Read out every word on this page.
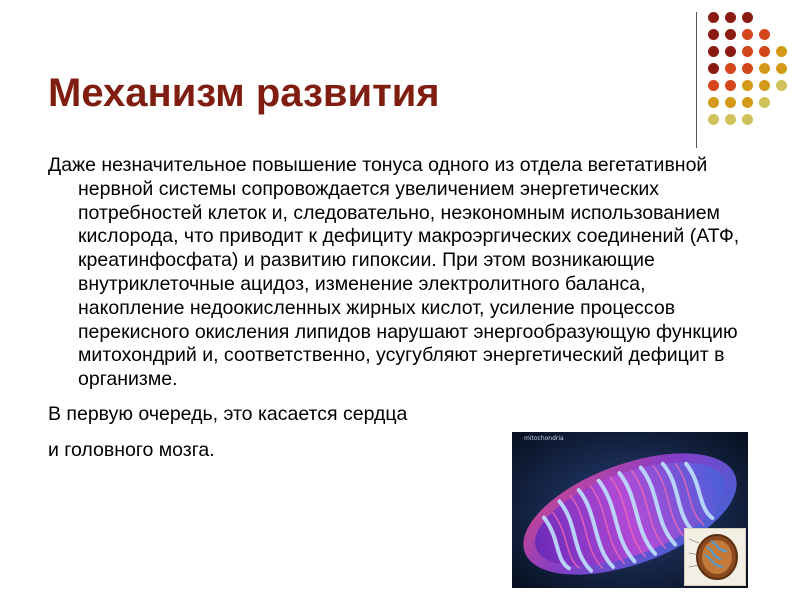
Механизм развития

Даже незначительное повышение тонуса одного из отдела вегетативной нервной системы сопровождается увеличением энергетических потребностей клеток и, следовательно, неэкономным использованием кислорода, что приводит к дефициту макроэргических соединений (АТФ, креатинфосфата) и развитию гипоксии. При этом возникающие внутриклеточные ацидоз, изменение электролитного баланса, накопление недоокисленных жирных кислот, усиление процессов перекисного окисления липидов нарушают энергообразующую функцию митохондрий и, соответственно, усугубляют энергетический дефицит в организме.

В первую очередь, это касается сердца
и головного мозга.

mitochondria
